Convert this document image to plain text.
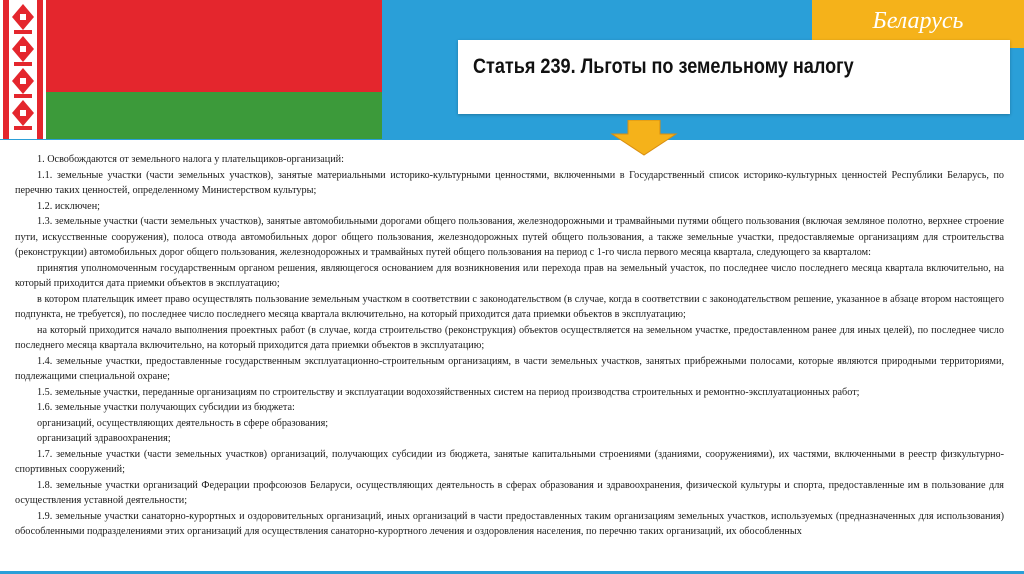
Беларусь
Статья 239. Льготы по земельному налогу

1. Освобождаются от земельного налога у плательщиков-организаций:

1.1. земельные участки (части земельных участков), занятые материальными историко-культурными ценностями, включенными в Государственный список историко-культурных ценностей Республики Беларусь, по перечню таких ценностей, определенному Министерством культуры;

1.2. исключен;

1.3. земельные участки (части земельных участков), занятые автомобильными дорогами общего пользования, железнодорожными и трамвайными путями общего пользования (включая земляное полотно, верхнее строение пути, искусственные сооружения), полоса отвода автомобильных дорог общего пользования, железнодорожных путей общего пользования, а также земельные участки, предоставляемые организациям для строительства (реконструкции) автомобильных дорог общего пользования, железнодорожных и трамвайных путей общего пользования на период с 1-го числа первого месяца квартала, следующего за кварталом:

принятия уполномоченным государственным органом решения, являющегося основанием для возникновения или перехода прав на земельный участок, по последнее число последнего месяца квартала включительно, на который приходится дата приемки объектов в эксплуатацию;

в котором плательщик имеет право осуществлять пользование земельным участком в соответствии с законодательством (в случае, когда в соответствии с законодательством решение, указанное в абзаце втором настоящего подпункта, не требуется), по последнее число последнего месяца квартала включительно, на который приходится дата приемки объектов в эксплуатацию;

на который приходится начало выполнения проектных работ (в случае, когда строительство (реконструкция) объектов осуществляется на земельном участке, предоставленном ранее для иных целей), по последнее число последнего месяца квартала включительно, на который приходится дата приемки объектов в эксплуатацию;

1.4. земельные участки, предоставленные государственным эксплуатационно-строительным организациям, в части земельных участков, занятых прибрежными полосами, которые являются природными территориями, подлежащими специальной охране;

1.5. земельные участки, переданные организациям по строительству и эксплуатации водохозяйственных систем на период производства строительных и ремонтно-эксплуатационных работ;

1.6. земельные участки получающих субсидии из бюджета:

организаций, осуществляющих деятельность в сфере образования;

организаций здравоохранения;

1.7. земельные участки (части земельных участков) организаций, получающих субсидии из бюджета, занятые капитальными строениями (зданиями, сооружениями), их частями, включенными в реестр физкультурно-спортивных сооружений;

1.8. земельные участки организаций Федерации профсоюзов Беларуси, осуществляющих деятельность в сферах образования и здравоохранения, физической культуры и спорта, предоставленные им в пользование для осуществления уставной деятельности;

1.9. земельные участки санаторно-курортных и оздоровительных организаций, иных организаций в части предоставленных таким организациям земельных участков, используемых (предназначенных для использования) обособленными подразделениями этих организаций для осуществления санаторно-курортного лечения и оздоровления населения, по перечню таких организаций, их обособленных
